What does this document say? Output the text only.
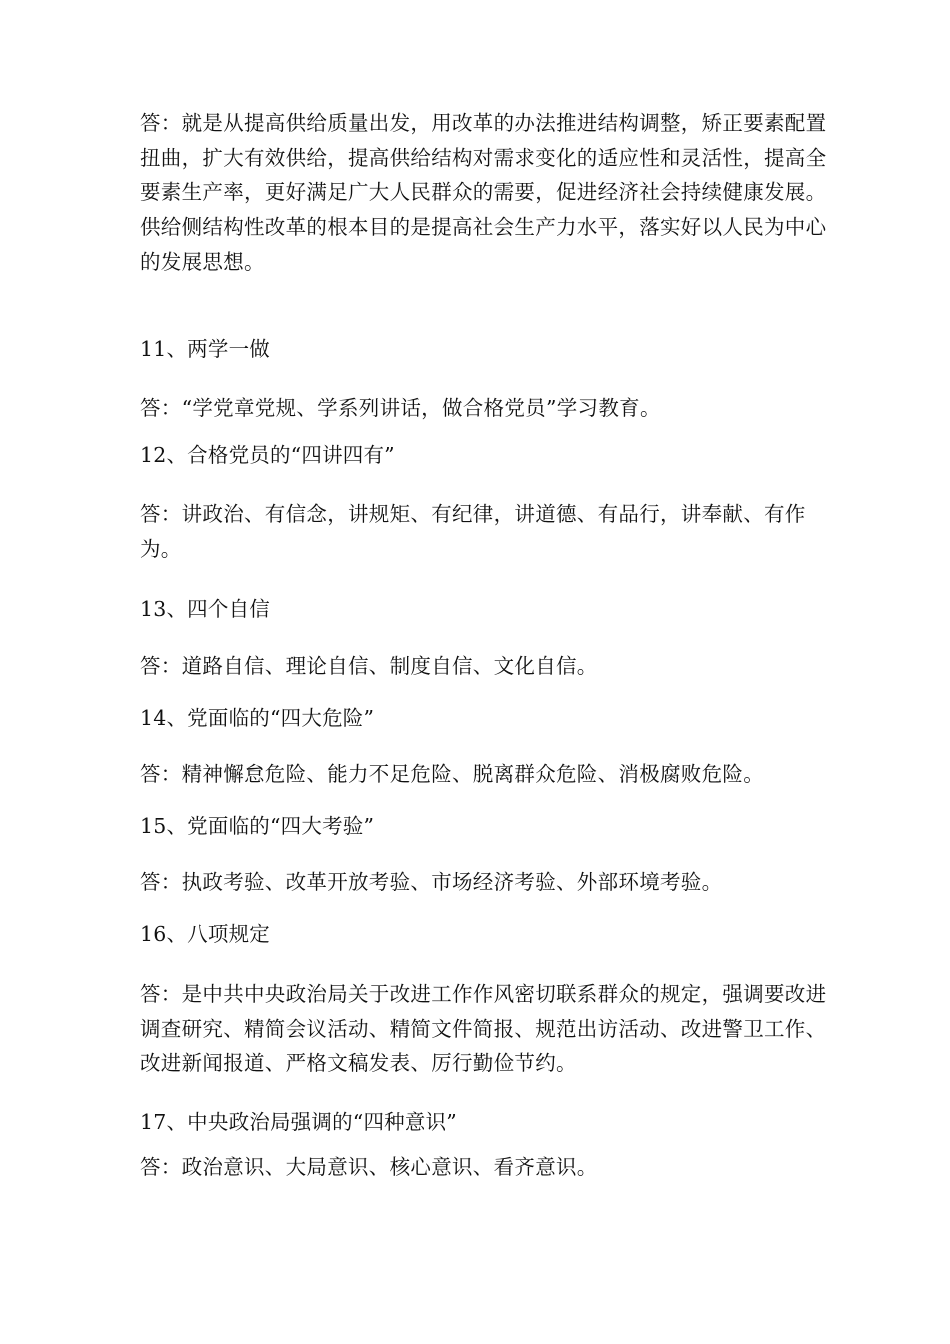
答：就是从提高供给质量出发，用改革的办法推进结构调整，矫正要素配置扭曲，扩大有效供给，提高供给结构对需求变化的适应性和灵活性，提高全要素生产率，更好满足广大人民群众的需要，促进经济社会持续健康发展。供给侧结构性改革的根本目的是提高社会生产力水平，落实好以人民为中心的发展思想。
11、两学一做
答：“学党章党规、学系列讲话，做合格党员”学习教育。
12、合格党员的“四讲四有”
答：讲政治、有信念，讲规矩、有纪律，讲道德、有品行，讲奉献、有作为。
13、四个自信
答：道路自信、理论自信、制度自信、文化自信。
14、党面临的“四大危险”
答：精神懈怠危险、能力不足危险、脱离群众危险、消极腐败危险。
15、党面临的“四大考验”
答：执政考验、改革开放考验、市场经济考验、外部环境考验。
16、八项规定
答：是中共中央政治局关于改进工作作风密切联系群众的规定，强调要改进调查研究、精简会议活动、精简文件简报、规范出访活动、改进警卫工作、改进新闻报道、严格文稿发表、厉行勤俭节约。
17、中央政治局强调的“四种意识”
答：政治意识、大局意识、核心意识、看齐意识。
